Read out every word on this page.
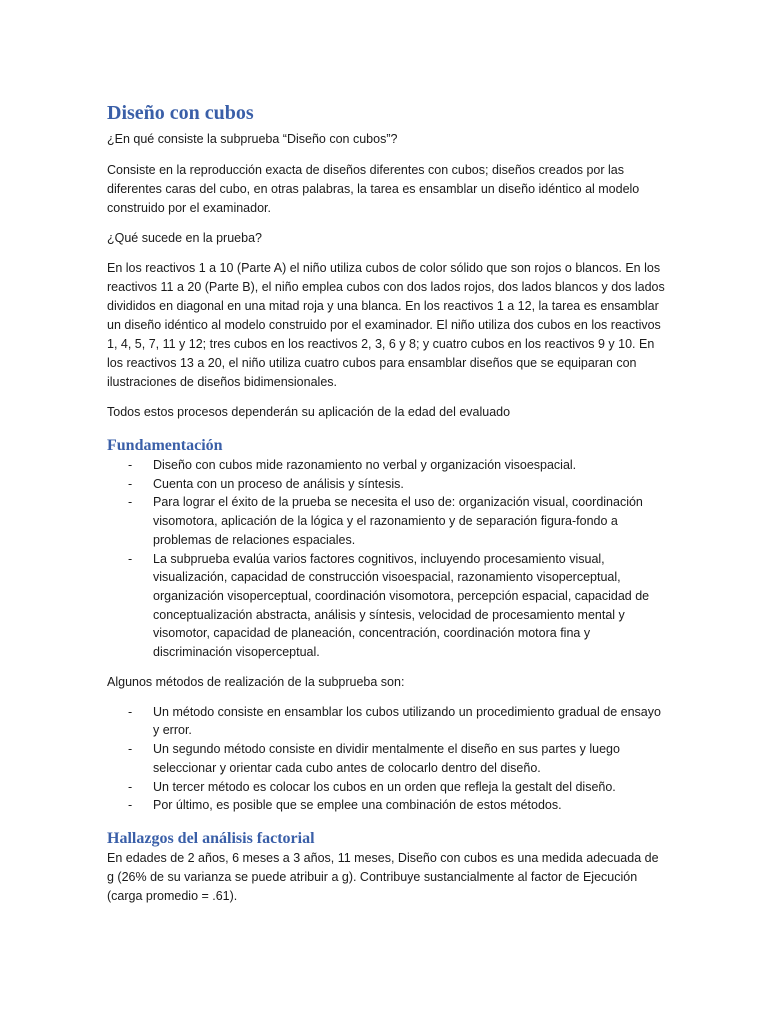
Diseño con cubos

¿En qué consiste la subprueba “Diseño con cubos”?

Consiste en la reproducción exacta de diseños diferentes con cubos; diseños creados por las diferentes caras del cubo, en otras palabras, la tarea es ensamblar un diseño idéntico al modelo construido por el examinador.

¿Qué sucede en la prueba?

En los reactivos 1 a 10 (Parte A) el niño utiliza cubos de color sólido que son rojos o blancos. En los reactivos 11 a 20 (Parte B), el niño emplea cubos con dos lados rojos, dos lados blancos y dos lados divididos en diagonal en una mitad roja y una blanca. En los reactivos 1 a 12, la tarea es ensamblar un diseño idéntico al modelo construido por el examinador. El niño utiliza dos cubos en los reactivos 1, 4, 5, 7, 11 y 12; tres cubos en los reactivos 2, 3, 6 y 8; y cuatro cubos en los reactivos 9 y 10. En los reactivos 13 a 20, el niño utiliza cuatro cubos para ensamblar diseños que se equiparan con ilustraciones de diseños bidimensionales.

Todos estos procesos dependerán su aplicación de la edad del evaluado

Fundamentación
- Diseño con cubos mide razonamiento no verbal y organización visoespacial.
- Cuenta con un proceso de análisis y síntesis.
- Para lograr el éxito de la prueba se necesita el uso de: organización visual, coordinación visomotora, aplicación de la lógica y el razonamiento y de separación figura-fondo a problemas de relaciones espaciales.
- La subprueba evalúa varios factores cognitivos, incluyendo procesamiento visual, visualización, capacidad de construcción visoespacial, razonamiento visoperceptual, organización visoperceptual, coordinación visomotora, percepción espacial, capacidad de conceptualización abstracta, análisis y síntesis, velocidad de procesamiento mental y visomotor, capacidad de planeación, concentración, coordinación motora fina y discriminación visoperceptual.

Algunos métodos de realización de la subprueba son:

- Un método consiste en ensamblar los cubos utilizando un procedimiento gradual de ensayo y error.
- Un segundo método consiste en dividir mentalmente el diseño en sus partes y luego seleccionar y orientar cada cubo antes de colocarlo dentro del diseño.
- Un tercer método es colocar los cubos en un orden que refleja la gestalt del diseño.
- Por último, es posible que se emplee una combinación de estos métodos.
Hallazgos del análisis factorial

En edades de 2 años, 6 meses a 3 años, 11 meses, Diseño con cubos es una medida adecuada de g (26% de su varianza se puede atribuir a g). Contribuye sustancialmente al factor de Ejecución (carga promedio = .61).
